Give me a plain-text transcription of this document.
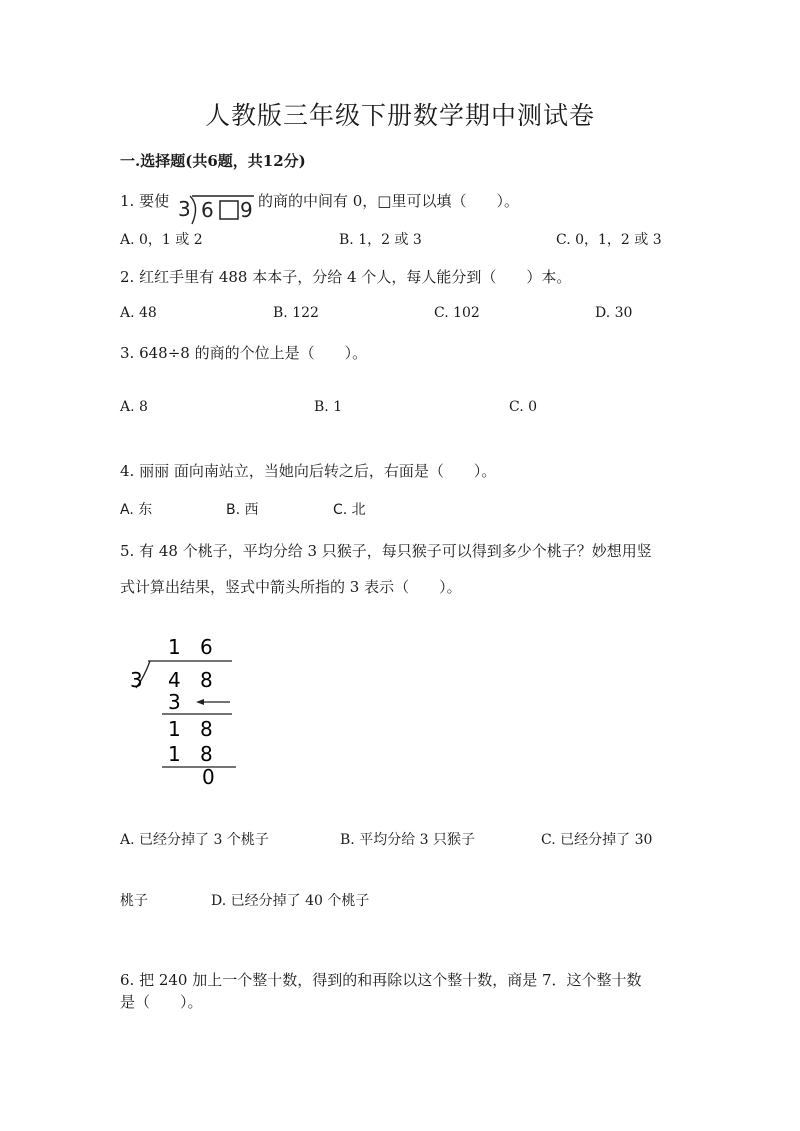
人教版三年级下册数学期中测试卷
一.选择题(共6题，共12分)
1. 要使 3 6 9 的商的中间有 0，□里可以填（　　）。
A. 0，1 或 2	B. 1，2 或 3	C. 0，1，2 或 3
2. 红红手里有 488 本本子，分给 4 个人，每人能分到（　　）本。
A. 48	B. 122	C. 102	D. 30
3. 648÷8 的商的个位上是（　　）。
A. 8	B. 1	C. 0
4. 丽丽 面向南站立，当她向后转之后，右面是（　　）。
A. 东	B. 西	C. 北
5. 有 48 个桃子，平均分给 3 只猴子，每只猴子可以得到多少个桃子？妙想用竖
式计算出结果，竖式中箭头所指的 3 表示（　　）。
1 6
3 4 8
3
1 8
1 8
0
A. 已经分掉了 3 个桃子	B. 平均分给 3 只猴子	C. 已经分掉了 30
桃子	D. 已经分掉了 40 个桃子
6. 把 240 加上一个整十数，得到的和再除以这个整十数，商是 7．这个整十数
是（　　）。
